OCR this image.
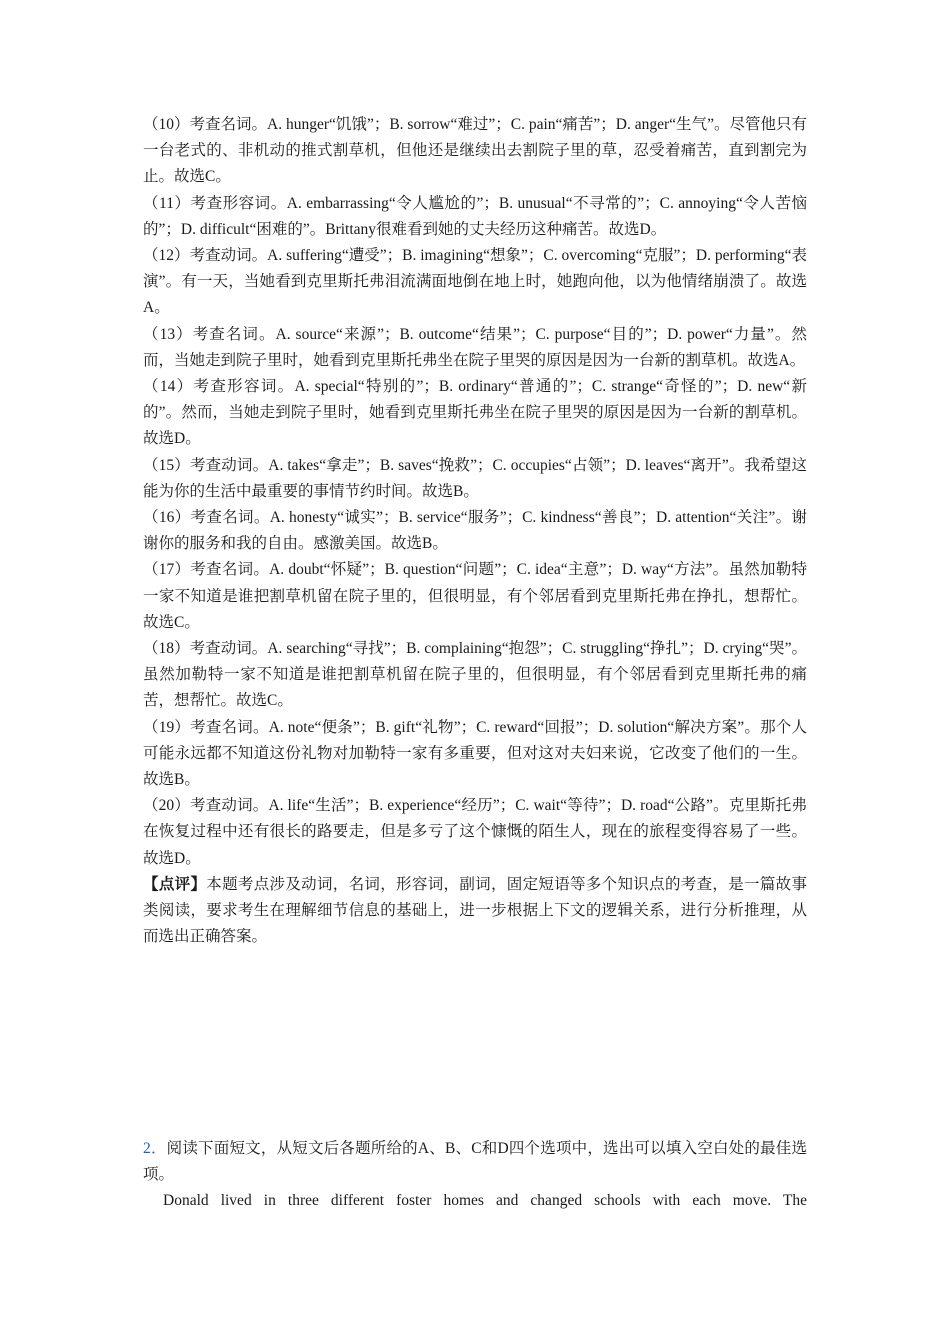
（10）考查名词。A. hunger“饥饿”；B. sorrow“难过”；C. pain“痛苦”；D. anger“生气”。尽管他只有一台老式的、非机动的推式割草机，但他还是继续出去割院子里的草，忍受着痛苦，直到割完为止。故选C。

（11）考查形容词。A. embarrassing“令人尴尬的”；B. unusual“不寻常的”；C. annoying“令人苦恼的”；D. difficult“困难的”。Brittany很难看到她的丈夫经历这种痛苦。故选D。

（12）考查动词。A. suffering“遭受”；B. imagining“想象”；C. overcoming“克服”；D. performing“表演”。有一天，当她看到克里斯托弗泪流满面地倒在地上时，她跑向他，以为他情绪崩溃了。故选A。

（13）考查名词。A. source“来源”；B. outcome“结果”；C. purpose“目的”；D. power“力量”。然而，当她走到院子里时，她看到克里斯托弗坐在院子里哭的原因是因为一台新的割草机。故选A。

（14）考查形容词。A. special“特别的”；B. ordinary“普通的”；C. strange“奇怪的”；D. new“新的”。然而，当她走到院子里时，她看到克里斯托弗坐在院子里哭的原因是因为一台新的割草机。故选D。

（15）考查动词。A. takes“拿走”；B. saves“挽救”；C. occupies“占领”；D. leaves“离开”。我希望这能为你的生活中最重要的事情节约时间。故选B。

（16）考查名词。A. honesty“诚实”；B. service“服务”；C. kindness“善良”；D. attention“关注”。谢谢你的服务和我的自由。感激美国。故选B。

（17）考查名词。A. doubt“怀疑”；B. question“问题”；C. idea“主意”；D. way“方法”。虽然加勒特一家不知道是谁把割草机留在院子里的，但很明显，有个邻居看到克里斯托弗在挣扎，想帮忙。故选C。

（18）考查动词。A. searching“寻找”；B. complaining“抱怨”；C. struggling“挣扎”；D. crying“哭”。虽然加勒特一家不知道是谁把割草机留在院子里的，但很明显，有个邻居看到克里斯托弗的痛苦，想帮忙。故选C。

（19）考查名词。A. note“便条”；B. gift“礼物”；C. reward“回报”；D. solution“解决方案”。那个人可能永远都不知道这份礼物对加勒特一家有多重要，但对这对夫妇来说，它改变了他们的一生。故选B。

（20）考查动词。A. life“生活”；B. experience“经历”；C. wait“等待”；D. road“公路”。克里斯托弗在恢复过程中还有很长的路要走，但是多亏了这个慷慨的陌生人，现在的旅程变得容易了一些。故选D。

【点评】本题考点涉及动词，名词，形容词，副词，固定短语等多个知识点的考查，是一篇故事类阅读，要求考生在理解细节信息的基础上，进一步根据上下文的逻辑关系，进行分析推理，从而选出正确答案。

2．阅读下面短文，从短文后各题所给的A、B、C和D四个选项中，选出可以填入空白处的最佳选项。

Donald lived in three different foster homes and changed schools with each move. The
